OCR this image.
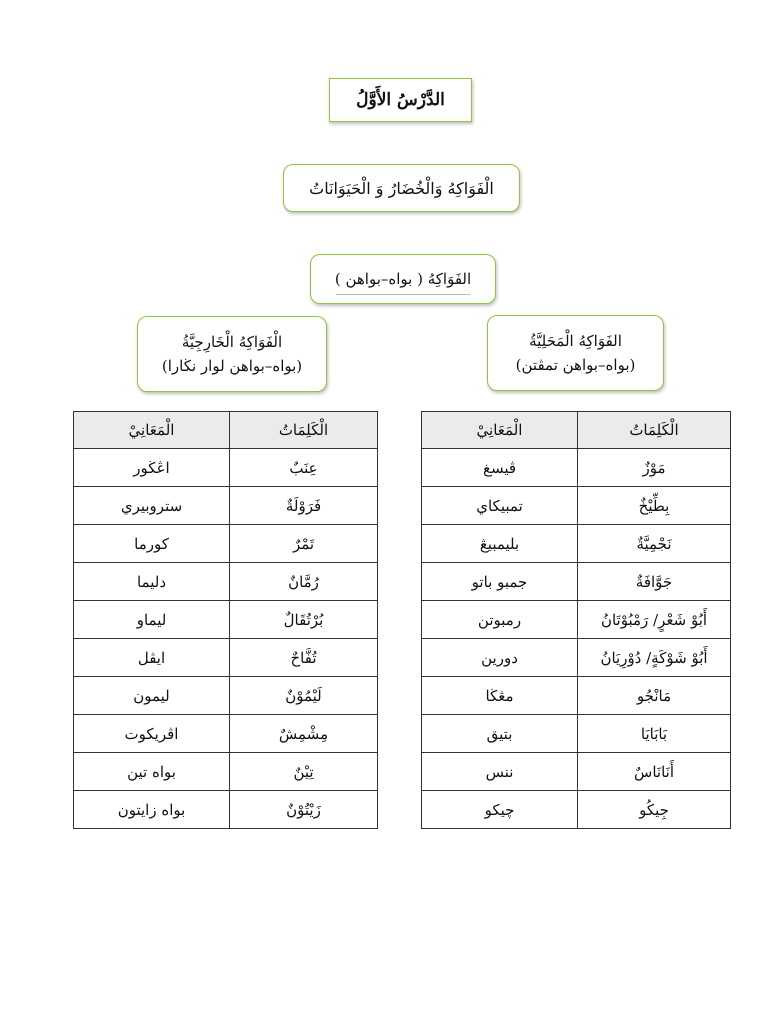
الدَّرْسُ الأَوَّلُ
الْفَوَاكِهُ وَالْخُضَارُ وَ الْحَيَوَانَاتُ
الفَوَاكِهُ ( بواه–بواهن )
الفَوَاكِهُ الْمَحَلِيَّةُ
(بواه–بواهن تمڤتن)
الْفَوَاكِهُ الْخَارِجِيَّةُ
(بواه–بواهن لوار نڬارا)
الْكَلِمَاتُ	الْمَعَانِيْ
مَوْزٌ	ڤيسغ
بِطِّيْخٌ	تمبيكاي
نَجْمِيَّةٌ	بليمبيڠ
جَوَّافَةٌ	جمبو باتو
أَبُوْ شَعْرٍ/ رَمْبُوْتَانُ	رمبوتن
أَبُوْ شَوْكَةٍ/ دُوْرِيَانُ	دورين
مَانْجُو	مڠڬا
بَابَايَا	بتيق
أَنَانَاسٌ	ننس
جِيكُو	چيكو
الْكَلِمَاتُ	الْمَعَانِيْ
عِنَبٌ	اڠڬور
فَرَوْلَةٌ	ستروبيري
تَمْرٌ	كورما
رُمَّانٌ	دليما
بُرْتُقَالٌ	ليماو
تُفَّاحٌ	ايڤل
لَيْمُوْنٌ	ليمون
مِشْمِشٌ	اڤريكوت
تِيْنٌ	بواه تين
زَيْتُوْنٌ	بواه زايتون
